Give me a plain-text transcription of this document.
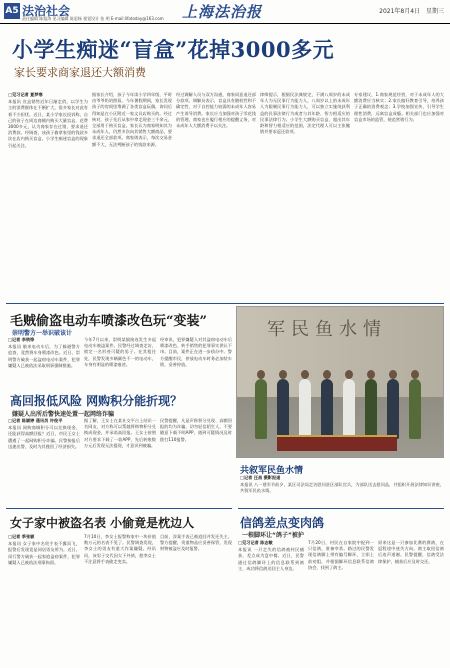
A5 法治社会
责任编辑 陈旭涛 见习编辑 陈思杨 视觉设计 张 明 E-mail:lifatoday@163.com 上海法治报	2021年8月4日 星期三
小学生痴迷“盲盒”花掉3000多元
家长要求商家退还大额消费
□见习记者 夏梦寒
本报讯 宣盒销售近年日渐走俏，以学生为主的消费群体在不断扩大，很多家长对此有着不少担忧。近日，某小学家长投诉称，自己的孩子在周边商铺内购买大量盲盒，花费3000多元，认为商家存在过错，要求退还消费款。经调查，该孩子偷拿家里的钱款多次在店内购买盲盒。小学生痴迷盲盒的现象引起关注。
据家长介绍，孩子今年读小学四年级，平时由爷爷奶奶照看。今年暑假期间，家长发现孩子的房间里堆满了各类盲盒玩偶，询问后得知是在小区附近一家文具店购买的。经过核对，孩子先后从家中拿走现金三千余元，全部用于购买盲盒。家长认为商家明知其为未成年人，仍然多次向其销售大额商品，要求退还全部款项。商家则表示，每次交易金额不大，无法判断孩子的钱款来源。
经过调解人员与双方沟通，商家同意退还部分款项。调解员表示，盲盒具有随机性和不确定性，对于自控能力较弱的未成年人容易产生诱导消费。家长应当加强对孩子零花钱的管理，商家也应履行相应的提醒义务，对未成年人大额消费予以关注。
律师提示，根据民法典规定，不满八周岁的未成年人为无民事行为能力人，八周岁以上的未成年人为限制民事行为能力人，可以独立实施纯获利益的民事法律行为或者与其年龄、智力相适应的民事法律行为。小学生大额购买盲盒，超出其年龄和智力相适应的范围，法定代理人可以主张撤销并要求返还款项。
专家建议，1.商家规范经营，对于未成年人的大额消费应当核实；2.家长做好教育引导，培养孩子正确的消费观念；3.学校加强宣传，引导学生理性消费，远离盲盒成瘾。相关部门也应加强对盲盒市场的监管，规范营销行为。
毛贼偷盗电动车喷漆改色玩“变装”
崇明警方一举识破该计
□记者 李铁铮
本报讯 偷来电动车后，为了躲避警方追查，竟然将车身喷漆改色。近日，崇明警方破获一起盗窃电动车案件，犯罪嫌疑人已被依法采取刑事强制措施。
今年7月以来，崇明某镇接连发生多起电动车被盗案件。民警经过调查走访，锁定一名形迹可疑的男子。在其租住处，民警发现多辆颜色不一的电动车，车身有明显的喷漆痕迹。
经审讯，犯罪嫌疑人对其盗窃电动车后喷漆改色、转手销售的犯罪事实供认不讳。目前，案件正在进一步侦办中。警方提醒市民，停放电动车时务必加装车锁，妥善停放。
高回报低风险 网购积分能折现？
嫌疑人出所后警快速处置一起网络诈骗
□记者 陈颖婷 通讯员 许俊平
本报讯 网购商城积分可以兑换现金，还能获得高额回报？近日，市民王女士遭遇了一起网购积分诈骗。民警接报后迅速出警，及时为其挽回了经济损失。
据了解，王女士在某社交平台上结识一名网友，对方称可以帮她将购物积分兑换成现金，并承诺高回报。王女士按照对方要求下载了一款APP，先后转账数万元后发现无法提现，才意识到被骗。
民警提醒，凡是声称积分兑现、高额回报的均为诈骗，切勿轻信陌生人，不要随意下载不明APP，遇到可疑情况及时拨打110报警。
女子家中被盗名表 小偷竟是枕边人
□记者 季张颖
本报讯 女子家中名贵手表不翼而飞，报警后发现竟是同居男友所为。近日，闵行警方破获一起家庭盗窃案件，犯罪嫌疑人已被依法刑事拘留。
7月10日，李女士报警称家中一块价值数万元的名表不见了。民警调查发现，李女士的男友有重大作案嫌疑。经讯问，该男子交代因欠下外债，趁李女士不注意将手表偷走变卖。
目前，涉案手表已被追回并发还失主。警方提醒，贵重物品应妥善保管，发现财物被盗应及时报警。
军民鱼水情
共叙军民鱼水情
□记者 汪昌 摄影报道
本报讯 八一建军节前夕，某区司法局走访慰问驻区部队官兵，为部队送去慰问品，并组织开展法律知识讲座，共叙军民鱼水情。
信鸽差点变肉鸽
一根脚环让“鸽子”被护
□见习记者 陈志敏
本报讯 一只走失的信鸽被村民捕获，差点成为盘中餐。近日，民警通过信鸽脚环上的信息联系到鸽主，成功将信鸽送回主人身边。
7月20日，村民在自家院中捉到一只信鸽，准备宰杀。路过的民警发现信鸽脚上带有编号脚环，立即上前劝阻，并根据脚环信息联系信鸽协会，找到了鸽主。
原来这是一只参加比赛的赛鸽，在返程途中迷失方向。鸽主取回信鸽后连声道谢。民警提醒，信鸽受法律保护，捕获后应及时交还。
